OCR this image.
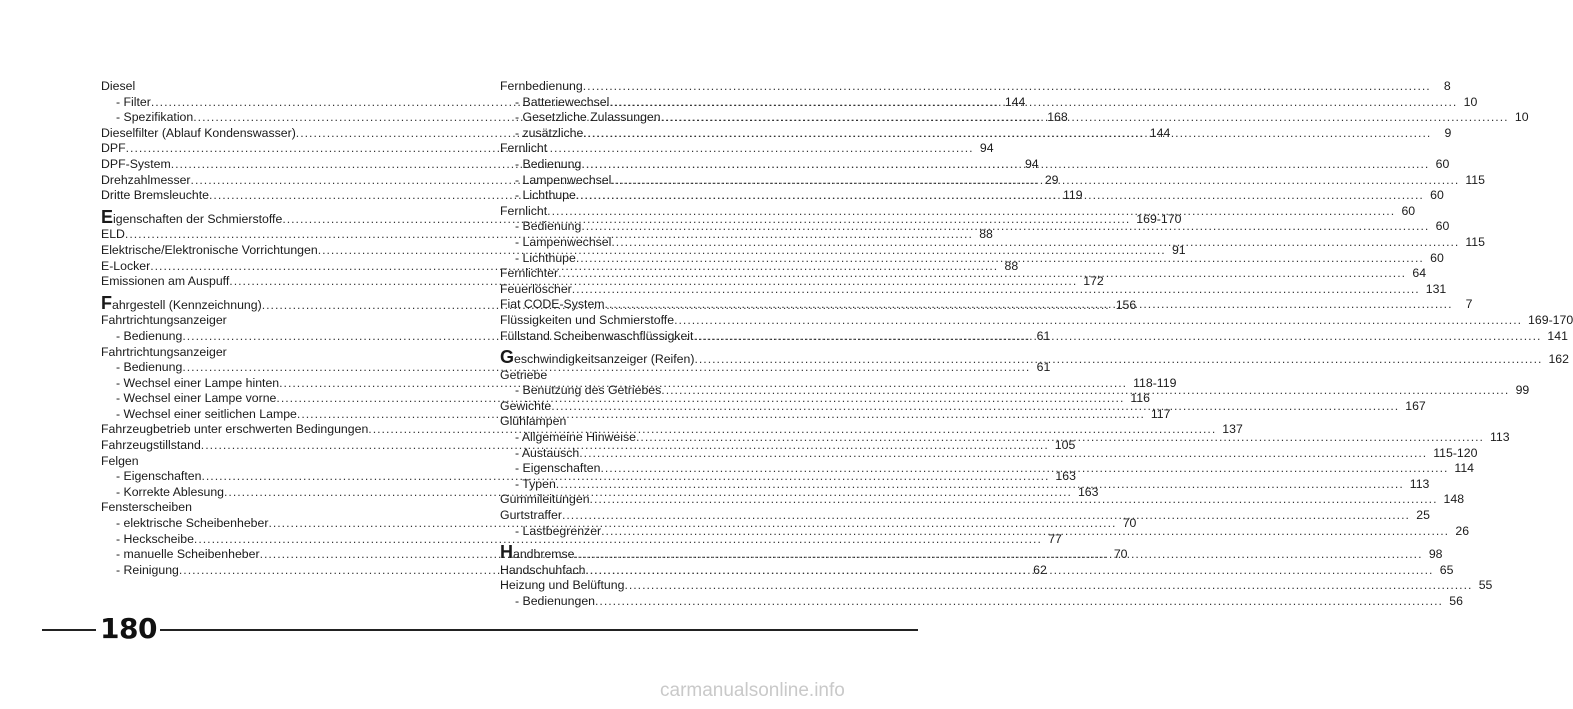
Diesel
- Filter .....	144
- Spezifikation .....	168
Dieselfilter (Ablauf Kondenswasser) .....	144
DPF .....	94
DPF-System .....	94
Drehzahlmesser .....	29
Dritte Bremsleuchte .....	119
Eigenschaften der Schmierstoffe .....	169-170
ELD .....	88
Elektrische/Elektronische Vorrichtungen .....	91
E-Locker .....	88
Emissionen am Auspuff .....	172
Fahrgestell (Kennzeichnung) .....	156
Fahrtrichtungsanzeiger
- Bedienung .....	61
Fahrtrichtungsanzeiger
- Bedienung .....	61
- Wechsel einer Lampe hinten .....	118-119
- Wechsel einer Lampe vorne .....	116
- Wechsel einer seitlichen Lampe .....	117
Fahrzeugbetrieb unter erschwerten Bedingungen .....	137
Fahrzeugstillstand .....	105
Felgen
- Eigenschaften .....	163
- Korrekte Ablesung .....	163
Fensterscheiben
- elektrische Scheibenheber .....	70
- Heckscheibe .....	77
- manuelle Scheibenheber .....	70
- Reinigung .....	62
Fernbedienung .....	8
- Batteriewechsel .....	10
- Gesetzliche Zulassungen .....	10
- zusätzliche .....	9
Fernlicht
- Bedienung .....	60
- Lampenwechsel .....	115
- Lichthupe .....	60
Fernlicht .....	60
- Bedienung .....	60
- Lampenwechsel .....	115
- Lichthupe .....	60
Fernlichter .....	64
Feuerlöscher .....	131
Fiat CODE-System .....	7
Flüssigkeiten und Schmierstoffe .....	169-170
Füllstand Scheibenwaschflüssigkeit .....	141
Geschwindigkeitsanzeiger (Reifen) .....	162
Getriebe
- Benutzung des Getriebes .....	99
Gewichte .....	167
Glühlampen
- Allgemeine Hinweise .....	113
- Austausch .....	115-120
- Eigenschaften .....	114
- Typen .....	113
Gummileitungen .....	148
Gurtstraffer .....	25
- Lastbegrenzer .....	26
Handbremse .....	98
Handschuhfach .....	65
Heizung und Belüftung .....	55
- Bedienungen .....	56
180
carmanualsonline.info
